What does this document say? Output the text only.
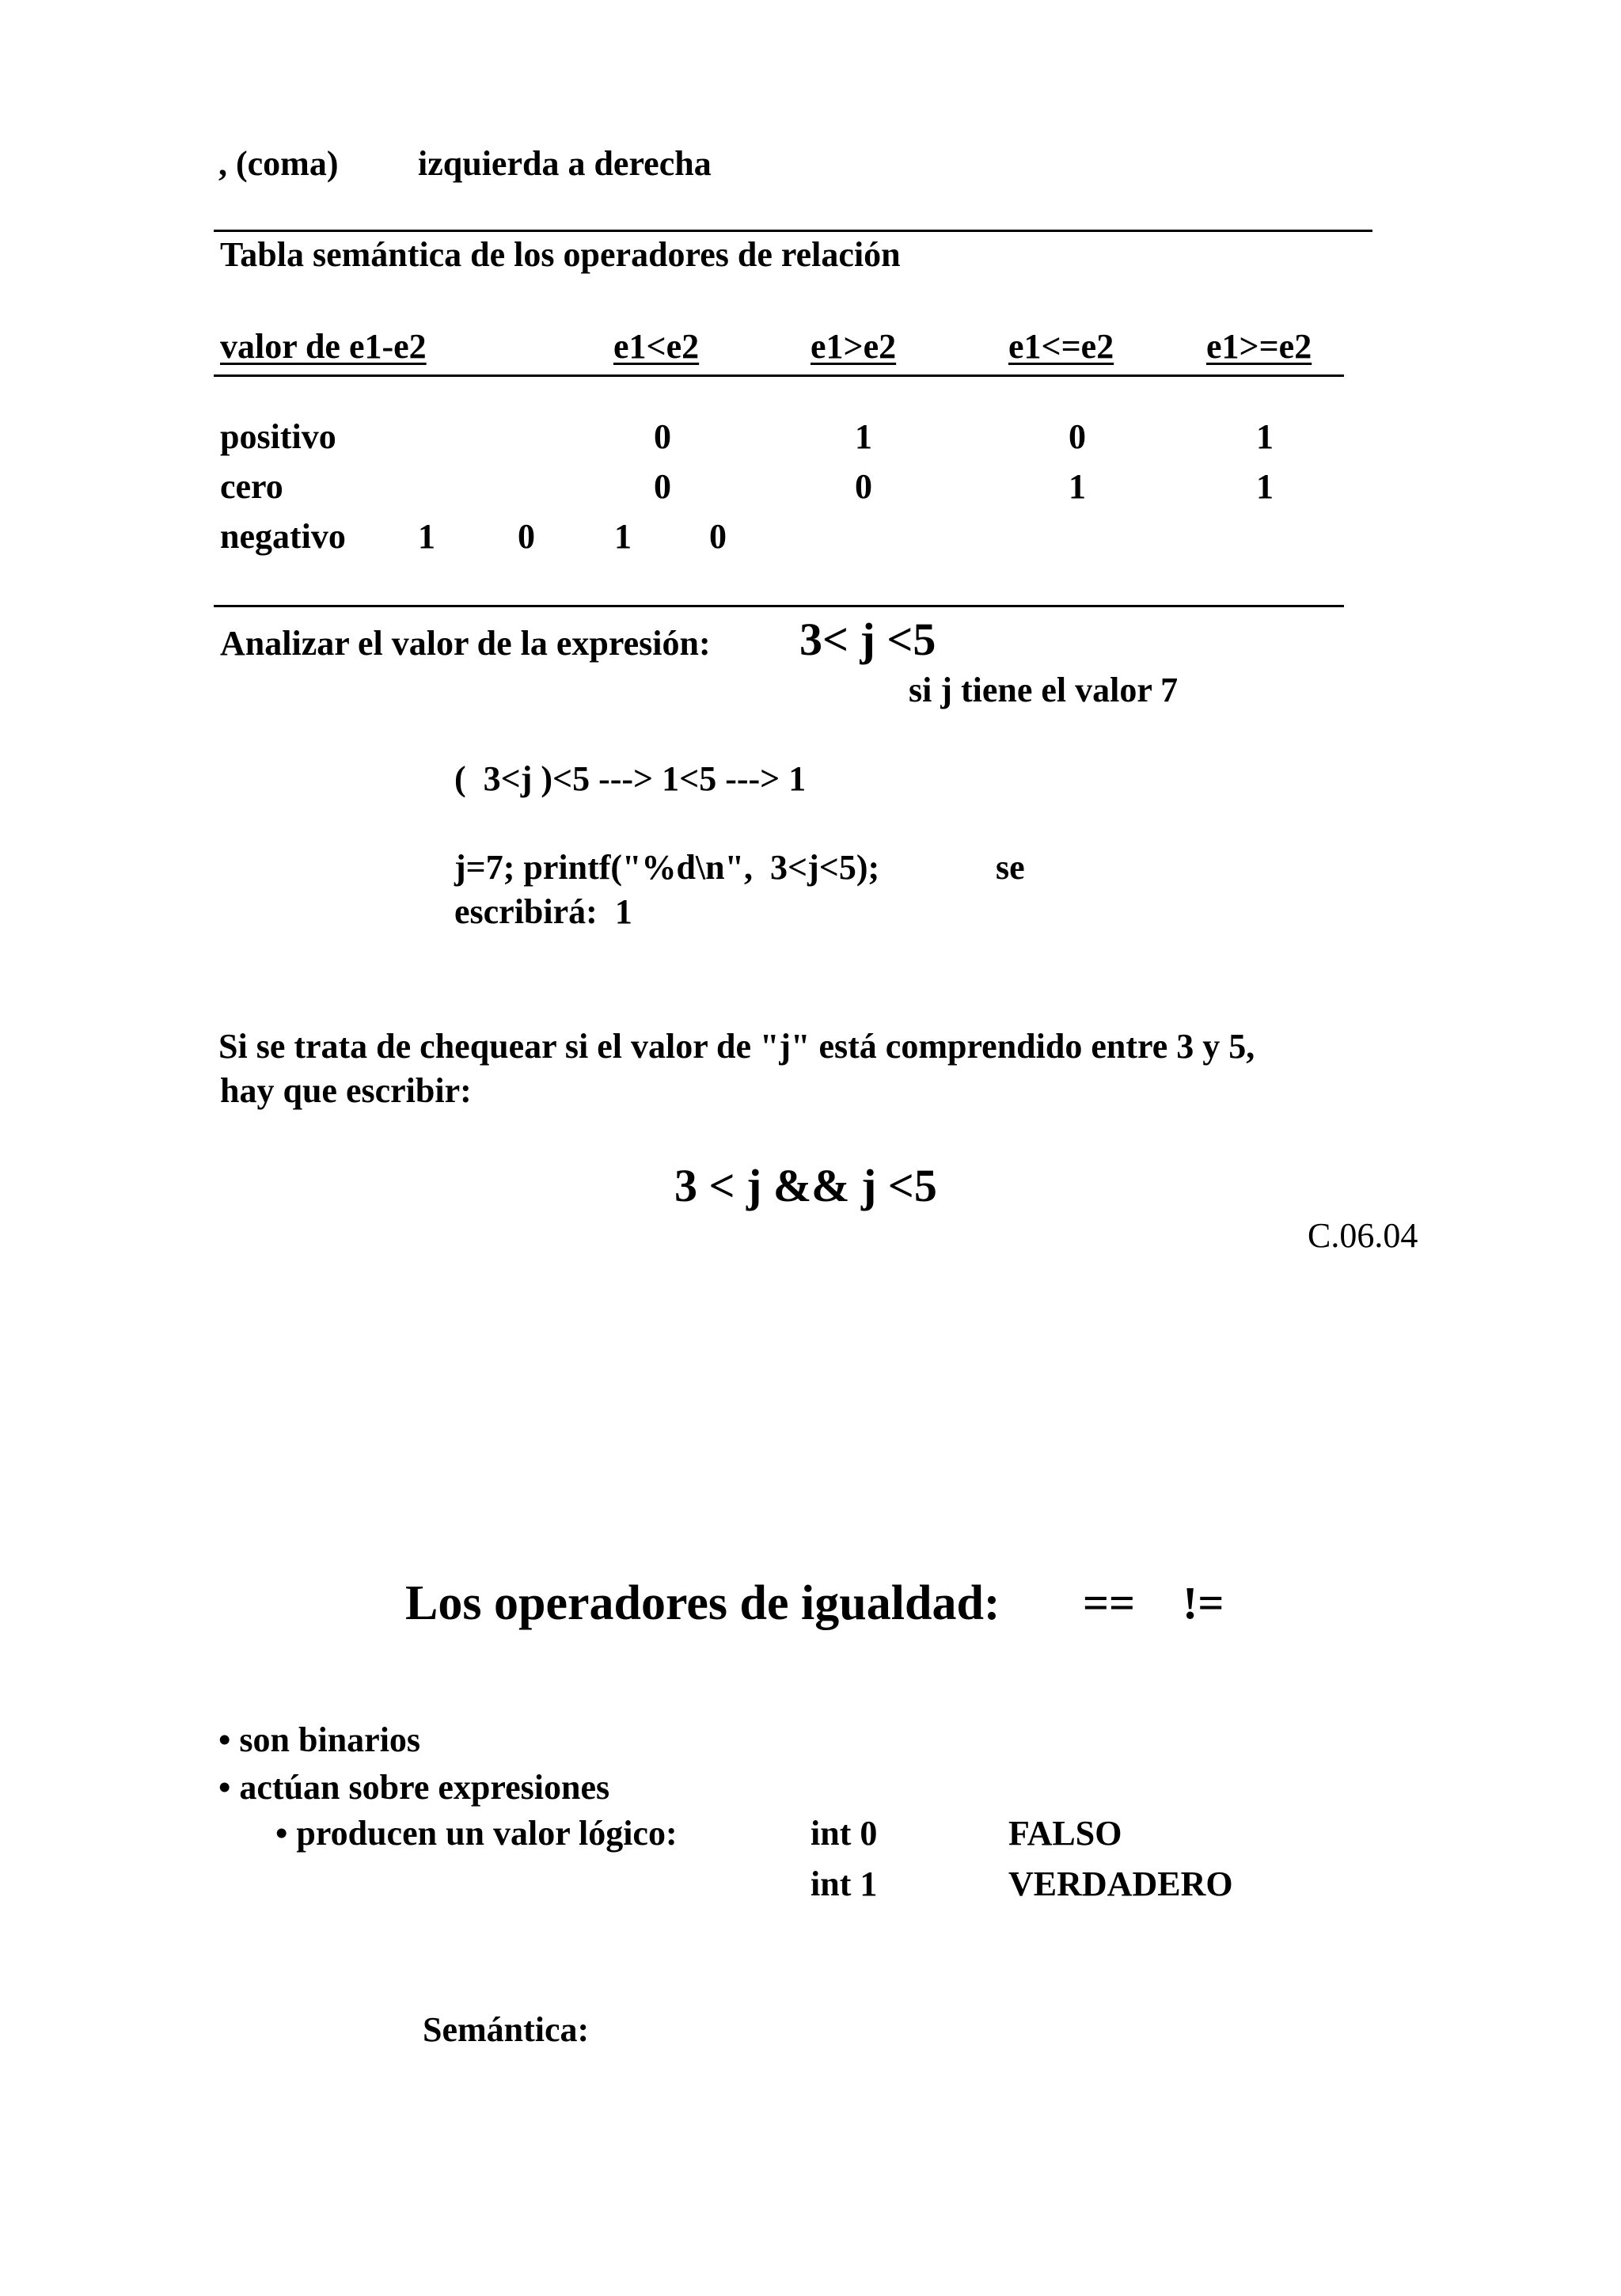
, (coma) izquierda a derecha
Tabla semántica de los operadores de relación
valor de e1-e2	e1<e2	e1>e2	e1<=e2	e1>=e2
positivo	0	1	0	1
cero	0	0	1	1
negativo 1 0 1 0
Analizar el valor de la expresión: 3< j <5
si j tiene el valor 7
(  3<j )<5 ---> 1<5 ---> 1
j=7; printf("%d\n",  3<j<5);	se
escribirá:  1
Si se trata de chequear si el valor de "j" está comprendido entre 3 y 5,
hay que escribir:
3 < j && j <5
C.06.04
Los operadores de igualdad: == !=
• son binarios
• actúan sobre expresiones
• producen un valor lógico:	int 0	FALSO
int 1	VERDADERO
Semántica:
